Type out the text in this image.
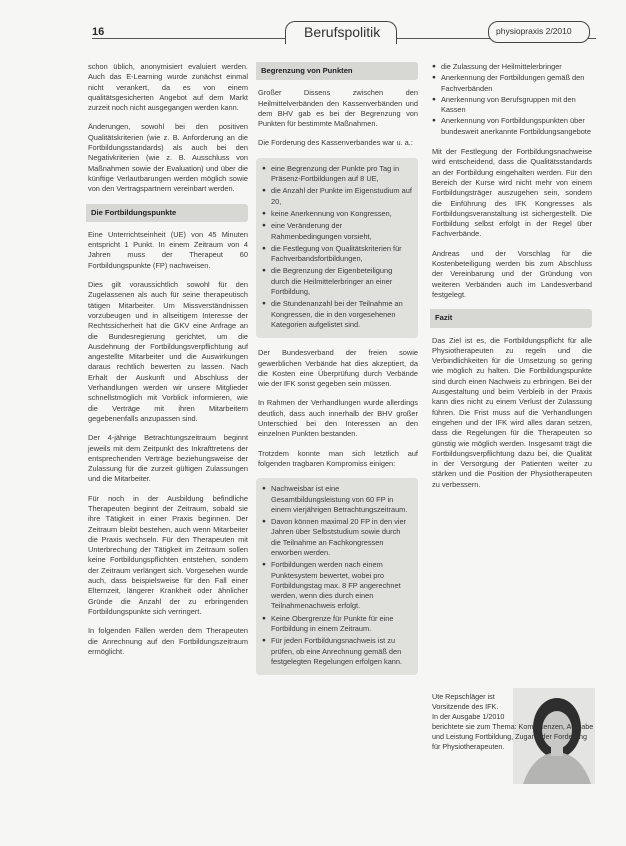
16	Berufspolitik	physiopraxis 2/2010

schon üblich, anonymisiert evaluiert werden. Auch das E-Learning wurde zunächst einmal nicht verankert, da es von einem qualitätsgesicherten Angebot auf dem Markt zurzeit noch nicht ausgegangen werden kann.

Änderungen, sowohl bei den positiven Qualitätskriterien (wie z. B. Anforderung an die Fortbildungsstandards) als auch bei den Negativkriterien (wie z. B. Ausschluss von Maßnahmen sowie der Evaluation) und über die künftige Verlautbarungen werden möglich sowie von den Vertragspartnern vereinbart werden.

Die Fortbildungspunkte

Eine Unterrichtseinheit (UE) von 45 Minuten entspricht 1 Punkt. In einem Zeitraum von 4 Jahren muss der Therapeut 60 Fortbildungspunkte (FP) nachweisen.

Dies gilt voraussichtlich sowohl für den Zugelassenen als auch für seine therapeutisch tätigen Mitarbeiter. Um Missverständnissen vorzubeugen und in allseitigem Interesse der Rechtssicherheit hat die GKV eine Anfrage an die Bundesregierung gerichtet, um die Ausdehnung der Fortbildungsverpflichtung auf angestellte Mitarbeiter und die Auswirkungen daraus rechtlich bewerten zu lassen. Nach Erhalt der Auskunft und Abschluss der Verhandlungen werden wir unsere Mitglieder schnellstmöglich mit Vorblick informieren, wie die Verträge mit ihren Mitarbeitern gegebenenfalls anzupassen sind.

Der 4-jährige Betrachtungszeitraum beginnt jeweils mit dem Zeitpunkt des Inkrafttretens der entsprechenden Verträge beziehungsweise der Zulassung für die zurzeit gültigen Zulassungen und die Mitarbeiter.

Für noch in der Ausbildung befindliche Therapeuten beginnt der Zeitraum, sobald sie ihre Tätigkeit in einer Praxis beginnen. Der Zeitraum bleibt bestehen, auch wenn Mitarbeiter die Praxis wechseln. Für den Therapeuten mit Unterbrechung der Tätigkeit im Zeitraum sollen keine Fortbildungspflichten entstehen, sondern der Zeitraum verlängert sich. Vorgesehen wurde auch, dass beispielsweise für den Fall einer Elternzeit, längerer Krankheit oder ähnlicher Gründe die Anzahl der zu erbringenden Fortbildungspunkte sich verringert.

In folgenden Fällen werden dem Therapeuten die Anrechnung auf den Fortbildungszeitraum ermöglicht.

Begrenzung von Punkten

Großer Dissens zwischen den Heilmittelverbänden den Kassenverbänden und dem BHV gab es bei der Begrenzung von Punkten für bestimmte Maßnahmen.

Die Forderung des Kassenverbandes war u. a.:

● eine Begrenzung der Punkte pro Tag in Präsenz-Fortbildungen auf 8 UE,
● die Anzahl der Punkte im Eigenstudium auf 20,
● keine Anerkennung von Kongressen,
● eine Veränderung der Rahmenbedingungen vorsieht,
● die Festlegung von Qualitätskriterien für Fachverbandsfortbildungen,
● die Begrenzung der Eigenbeteiligung durch die Heilmittelerbringer an einer Fortbildung,
● die Stundenanzahl bei der Teilnahme an Kongressen, die in den vorgesehenen Kategorien aufgelistet sind.

Der Bundesverband der freien sowie gewerblichen Verbände hat dies akzeptiert, da die Kosten eine Überprüfung durch Verbände wie der IFK sonst gegeben sein müssen.

In Rahmen der Verhandlungen wurde allerdings deutlich, dass auch innerhalb der BHV großer Unterschied bei den Interessen an den einzelnen Punkten bestanden.

Trotzdem konnte man sich letztlich auf folgenden tragbaren Kompromiss einigen:

● Nachweisbar ist eine Gesamtbildungsleistung von 60 FP in einem vierjährigen Betrachtungszeitraum.
● Davon können maximal 20 FP in den vier Jahren über Selbststudium sowie durch die Teilnahme an Fachkongressen erworben werden.
● Fortbildungen werden nach einem Punktesystem bewertet, wobei pro Fortbildungstag max. 8 FP angerechnet werden, wenn dies durch einen Teilnahmenachweis erfolgt.
● Keine Obergrenze für Punkte für eine Fortbildung in einem Zeitraum.
● Für jeden Fortbildungsnachweis ist zu prüfen, ob eine Anrechnung gemäß den festgelegten Regelungen erfolgen kann.
● die Zulassung der Heilmittelerbringer
● Anerkennung der Fortbildungen gemäß den Fachverbänden
● Anerkennung von Berufsgruppen mit den Kassen
● Anerkennung von Fortbildungspunkten über bundesweit anerkannte Fortbildungsangebote

Mit der Festlegung der Fortbildungsnachweise wird entscheidend, dass die Qualitätsstandards an der Fortbildung eingehalten werden. Für den Bereich der Kurse wird nicht mehr von einem Fortbildungsträger auszugehen sein, sondern die Einführung des IFK Kongresses als Fortbildungsveranstaltung ist sichergestellt. Die Fortbildung selbst erfolgt in der Regel über Fachverbände.

Andreas und der Vorschlag für die Kostenbeteiligung werden bis zum Abschluss der Vereinbarung und der Gründung von weiteren Verbänden auch im Landesverband festgelegt.

Fazit

Das Ziel ist es, die Fortbildungspflicht für alle Physiotherapeuten zu regeln und die Verbindlichkeiten für die Umsetzung so gering wie möglich zu halten. Die Fortbildungspunkte sind durch einen Nachweis zu erbringen. Bei der Ausgestaltung und beim Verbleib in der Praxis kann dies nicht zu einem Verlust der Zulassung führen. Die Frist muss auf die Verhandlungen eingehen und der IFK wird alles daran setzen, dass die Regelungen für die Therapeuten so günstig wie möglich werden. Insgesamt trägt die Fortbildungsverpflichtung dazu bei, die Qualität in der Versorgung der Patienten weiter zu stärken und die Position der Physiotherapeuten zu verbessern.

Ute Repschläger ist
Vorsitzende des IFK.
In der Ausgabe 1/2010
berichtete sie zum Thema: Kompetenzen, Aufgabe und Leistung Fortbildung, Zugang der Forderung für Physiotherapeuten.
